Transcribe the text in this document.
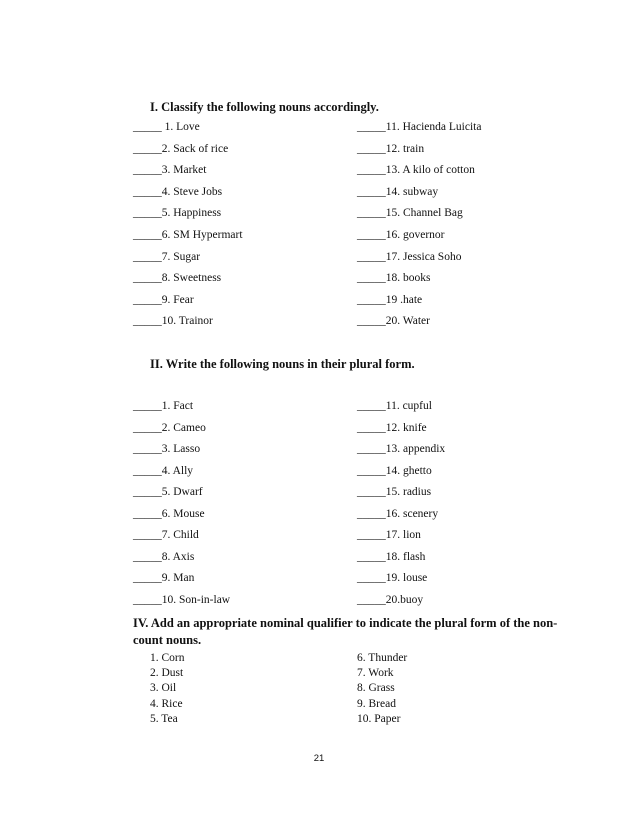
I. Classify the following nouns accordingly.
_____ 1. Love
_____2. Sack of rice
_____3. Market
_____4. Steve Jobs
_____5. Happiness
_____6. SM Hypermart
_____7. Sugar
_____8. Sweetness
_____9. Fear
_____10. Trainor
_____11. Hacienda Luicita
_____12. train
_____13. A kilo of cotton
_____14. subway
_____15. Channel Bag
_____16. governor
_____17. Jessica Soho
_____18. books
_____19 .hate
_____20. Water
II. Write the following nouns in their plural form.
_____1. Fact
_____2. Cameo
_____3. Lasso
_____4. Ally
_____5. Dwarf
_____6. Mouse
_____7. Child
_____8. Axis
_____9. Man
_____10. Son-in-law
_____11. cupful
_____12. knife
_____13. appendix
_____14. ghetto
_____15. radius
_____16. scenery
_____17. lion
_____18. flash
_____19. louse
_____20.buoy
IV. Add an appropriate nominal qualifier to indicate the plural form of the non-
count nouns.
1. Corn
2. Dust
3. Oil
4. Rice
5. Tea
6. Thunder
7. Work
8. Grass
9. Bread
10. Paper
21
